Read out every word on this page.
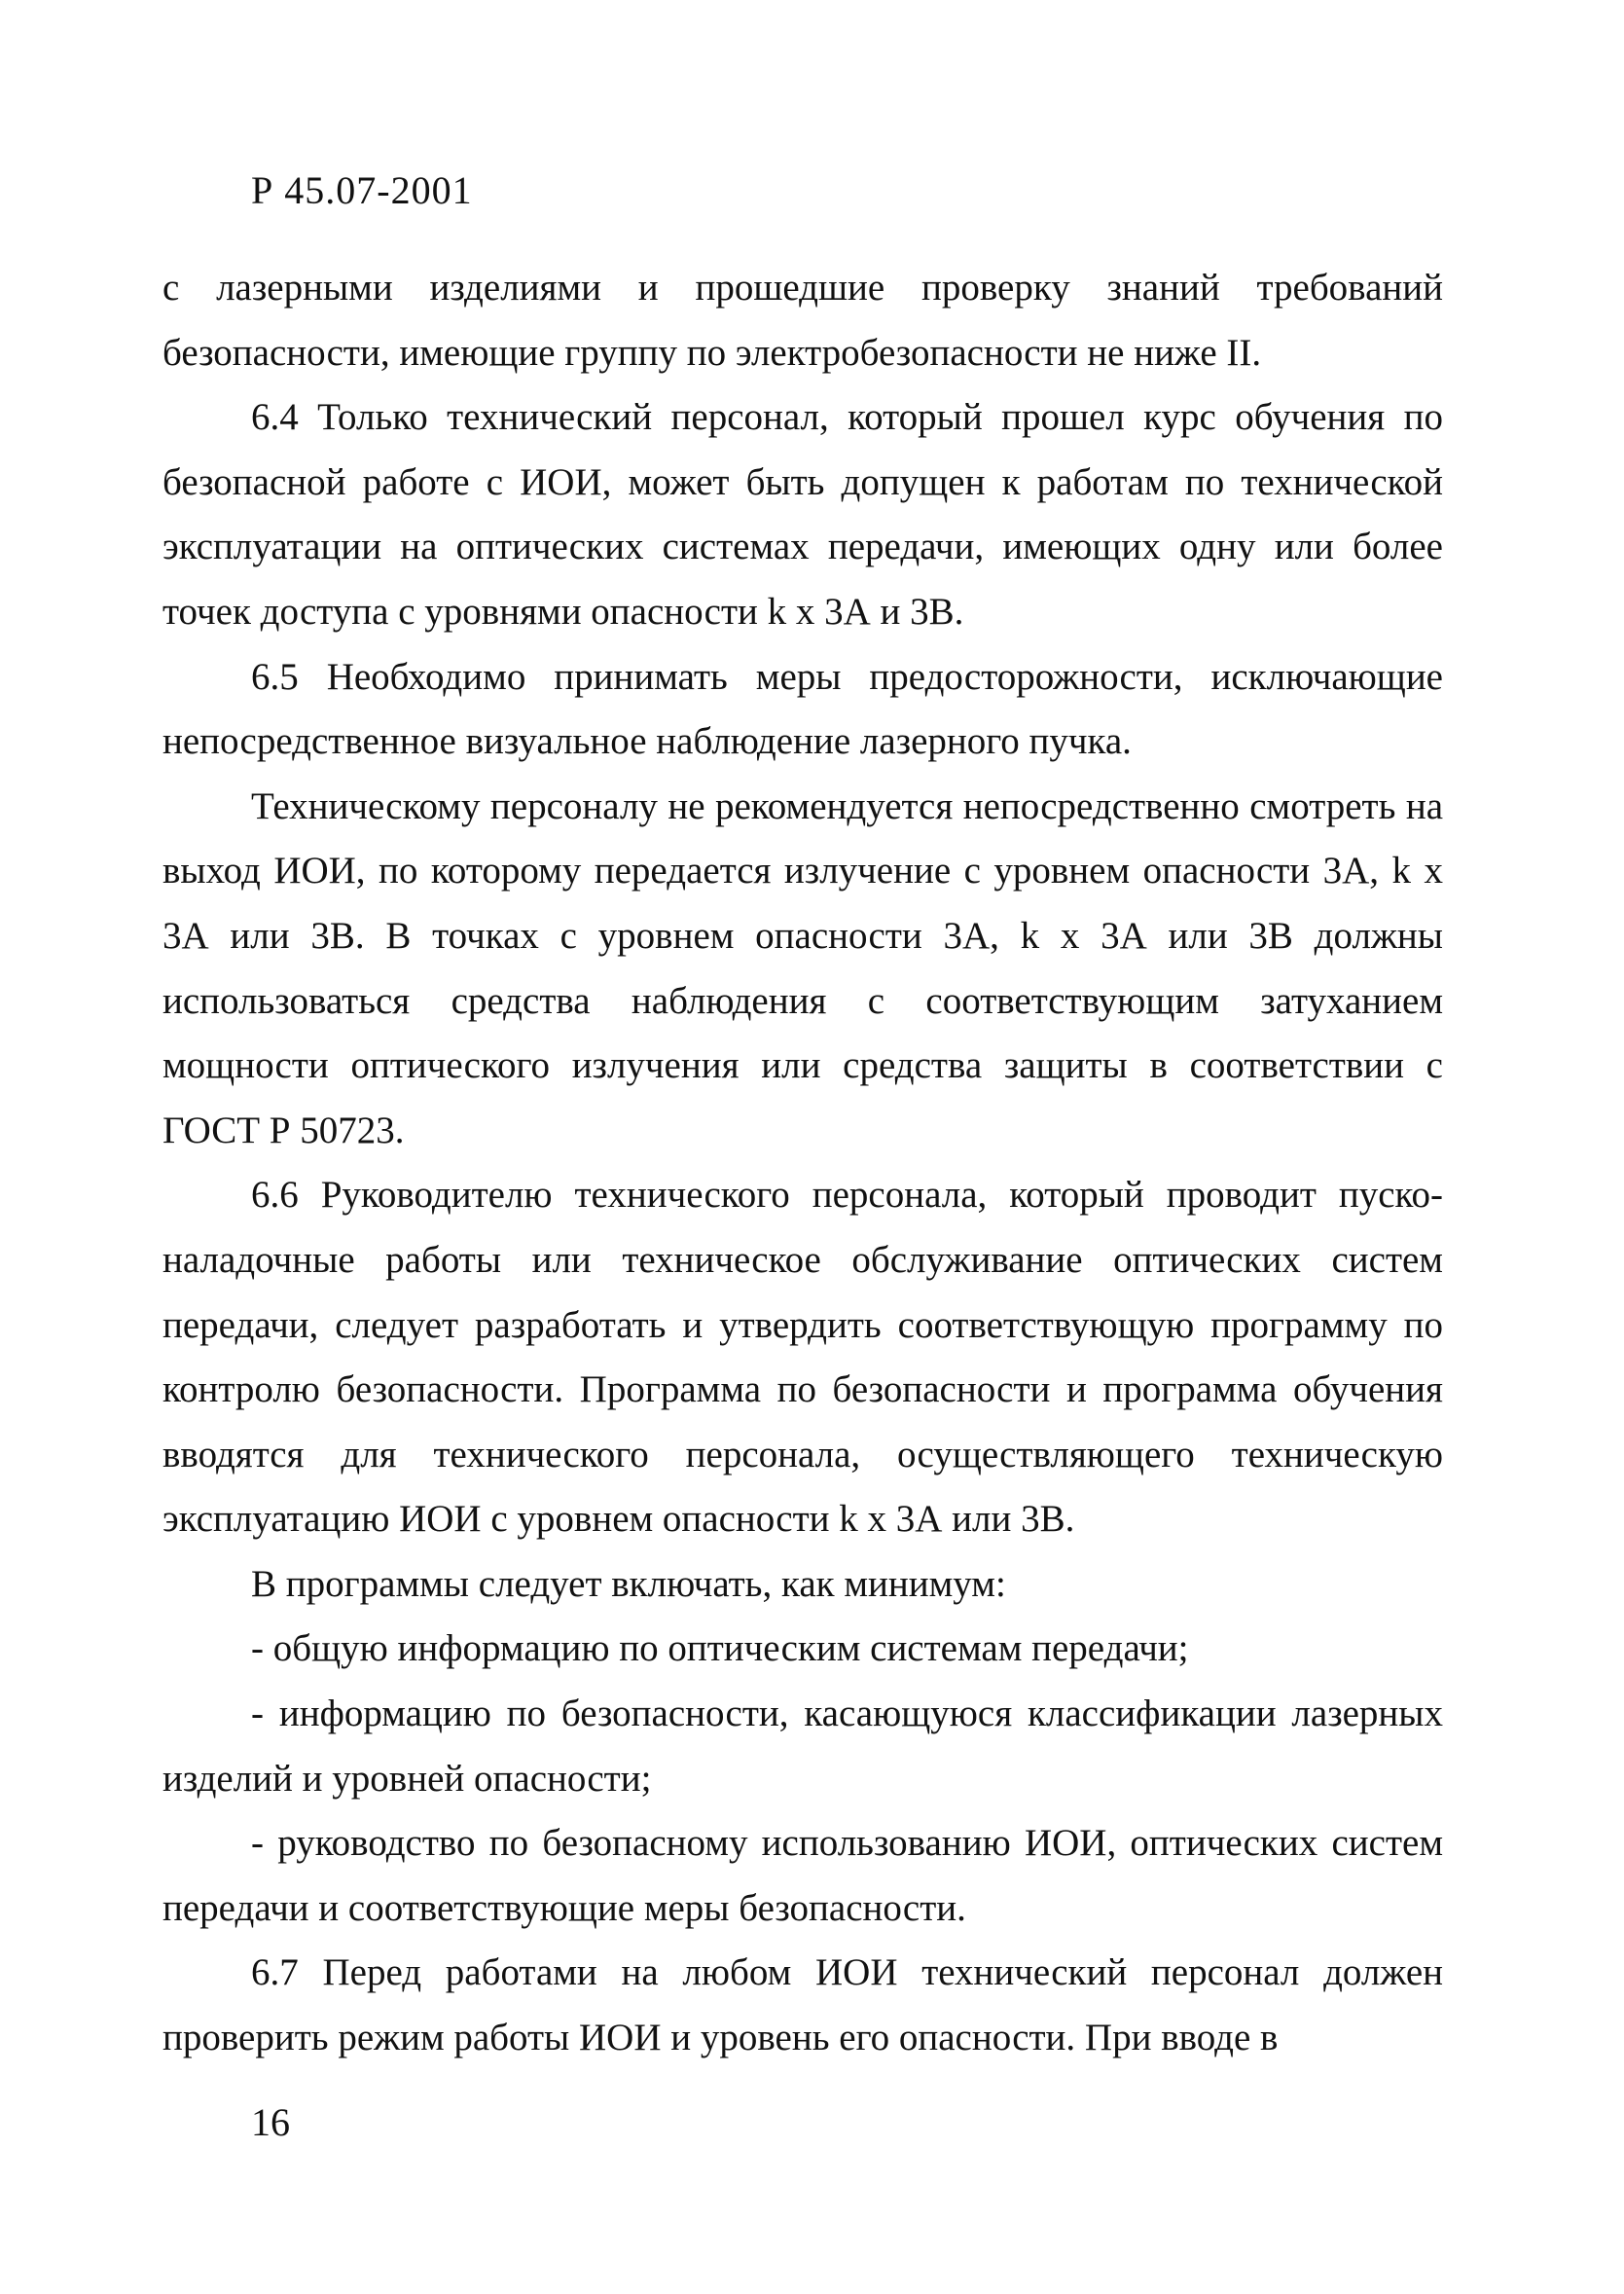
Р 45.07-2001

с лазерными изделиями и прошедшие проверку знаний требований безопасности, имеющие группу по электробезопасности не ниже II.

6.4 Только технический персонал, который прошел курс обучения по безопасной работе с ИОИ, может быть допущен к работам по технической эксплуатации на оптических системах передачи, имеющих одну или более точек доступа с уровнями опасности k х 3А и 3В.

6.5 Необходимо принимать меры предосторожности, исключающие непосредственное визуальное наблюдение лазерного пучка.

Техническому персоналу не рекомендуется непосредственно смотреть на выход ИОИ, по которому передается излучение с уровнем опасности 3А, k х 3А или 3В. В точках с уровнем опасности 3А, k х 3А или 3В должны использоваться средства наблюдения с соответствующим затуханием мощности оптического излучения или средства защиты в соответствии с ГОСТ Р 50723.

6.6 Руководителю технического персонала, который проводит пуско-наладочные работы или техническое обслуживание оптических систем передачи, следует разработать и утвердить соответствующую программу по контролю безопасности. Программа по безопасности и программа обучения вводятся для технического персонала, осуществляющего техническую эксплуатацию ИОИ с уровнем опасности k х 3А или 3В.

В программы следует включать, как минимум:

- общую информацию по оптическим системам передачи;

- информацию по безопасности, касающуюся классификации лазерных изделий и уровней опасности;

- руководство по безопасному использованию ИОИ, оптических систем передачи и соответствующие меры безопасности.

6.7 Перед работами на любом ИОИ технический персонал должен проверить режим работы ИОИ и уровень его опасности. При вводе в

16
